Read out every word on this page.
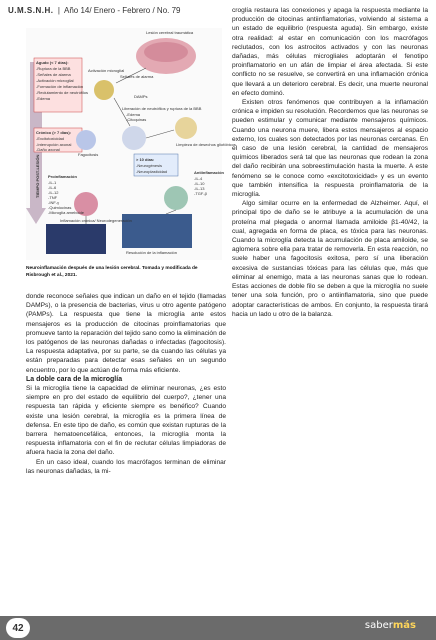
U.M.S.N.H.  |  Año 14/ Enero - Febrero / No. 79
Lesión cerebral traumática
Agudo (< 7 días):
-Ruptura de la BBB
-Señales de alarma
-Activación microglial
-Formación de inflamación
-Reclutamiento de neutrófilos
-Edema
Crónico (> 7 días):
-Excitotoxicidad
-Interrupción axonal
-Daño axonal
Activación microglial
Señales de alarma
DAMPs
Fagocitosis
Liberación de neutrófilos y ruptura de la BBB
-Edema
-Citoquinas
Limpieza de desechos gliofóbicos
> 10 días:
-Neurogénesis
-Neuroplasticidad
Proinflamación
-IL-1
-IL-6
-IL-12
-TNF
-INF-γ
-Quimiocinas
-Microglia ameboide
Antiinflamación
-IL-4
-IL-10
-IL-13
-TGF-β
TIEMPO POST-LESIÓN
Inflamación crónica/ Neurodegeneración
Resolución de la inflamación
Neuroinflamación después de una lesión cerebral. Tomada y modificada de Risbrough et al., 2021.

donde reconoce señales que indican un daño en el tejido (llamadas DAMPs), o la presencia de bacterias, virus u otro agente patógeno (PAMPs). La respuesta que tiene la microglía ante estos mensajeros es la producción de citocinas proinflamatorias que promueve tanto la reparación del tejido sano como la eliminación de los patógenos de las neuronas dañadas o infectadas (fagocitosis). La respuesta adaptativa, por su parte, se da cuando las células ya están preparadas para detectar esas señales en un segundo encuentro, por lo que actúan de forma más eficiente.

La doble cara de la microglía

Si la microglía tiene la capacidad de eliminar neuronas, ¿es esto siempre en pro del estado de equilibrio del cuerpo?, ¿tener una respuesta tan rápida y eficiente siempre es benéfico? Cuando existe una lesión cerebral, la microglía es la primera línea de defensa. En este tipo de daño, es común que existan rupturas de la barrera hematoencefálica, entonces, la microglía monta la respuesta inflamatoria con el fin de reclutar células limpiadoras de afuera hacia la zona del daño.

En un caso ideal, cuando los macrófagos terminan de eliminar las neuronas dañadas, la mi-

croglía restaura las conexiones y apaga la respuesta mediante la producción de citocinas antiinflamatorias, volviendo al sistema a un estado de equilibrio (respuesta aguda). Sin embargo, existe otra realidad: al estar en comunicación con los macrófagos reclutados, con los astrocitos activados y con las neuronas dañadas, más células microgliales adoptarán el fenotipo proinflamatorio en un afán de limpiar el área afectada. Si este conflicto no se resuelve, se convertirá en una inflamación crónica que llevará a un deterioro cerebral. Es decir, una muerte neuronal en efecto dominó.

Existen otros fenómenos que contribuyen a la inflamación crónica e impiden su resolución. Recordemos que las neuronas se pueden estimular y comunicar mediante mensajeros químicos. Cuando una neurona muere, libera estos mensajeros al espacio externo, los cuales son detectados por las neuronas cercanas. En el caso de una lesión cerebral, la cantidad de mensajeros químicos liberados será tal que las neuronas que rodean la zona del daño recibirán una sobreestimulación hasta la muerte. A este fenómeno se le conoce como «excitotoxicidad» y es un evento que también intensifica la respuesta proinflamatoria de la microglía.

Algo similar ocurre en la enfermedad de Alzheimer. Aquí, el principal tipo de daño se le atribuye a la acumulación de una proteína mal plegada o anormal llamada amiloide β1-40/42, la cual, agregada en forma de placa, es tóxica para las neuronas. Cuando la microglía detecta la acumulación de placa amiloide, se aglomera sobre ella para tratar de removerla. En esta reacción, no suele haber una fagocitosis exitosa, pero sí una liberación excesiva de sustancias tóxicas para las células que, más que eliminar al enemigo, mata a las neuronas sanas que lo rodean. Estas acciones de doble filo se deben a que la microglía no suele tener una sola función, pro o antiinflamatoria, sino que puede adoptar características de ambos. En conjunto, la respuesta tirará hacia un lado u otro de la balanza.

42	sabermás
